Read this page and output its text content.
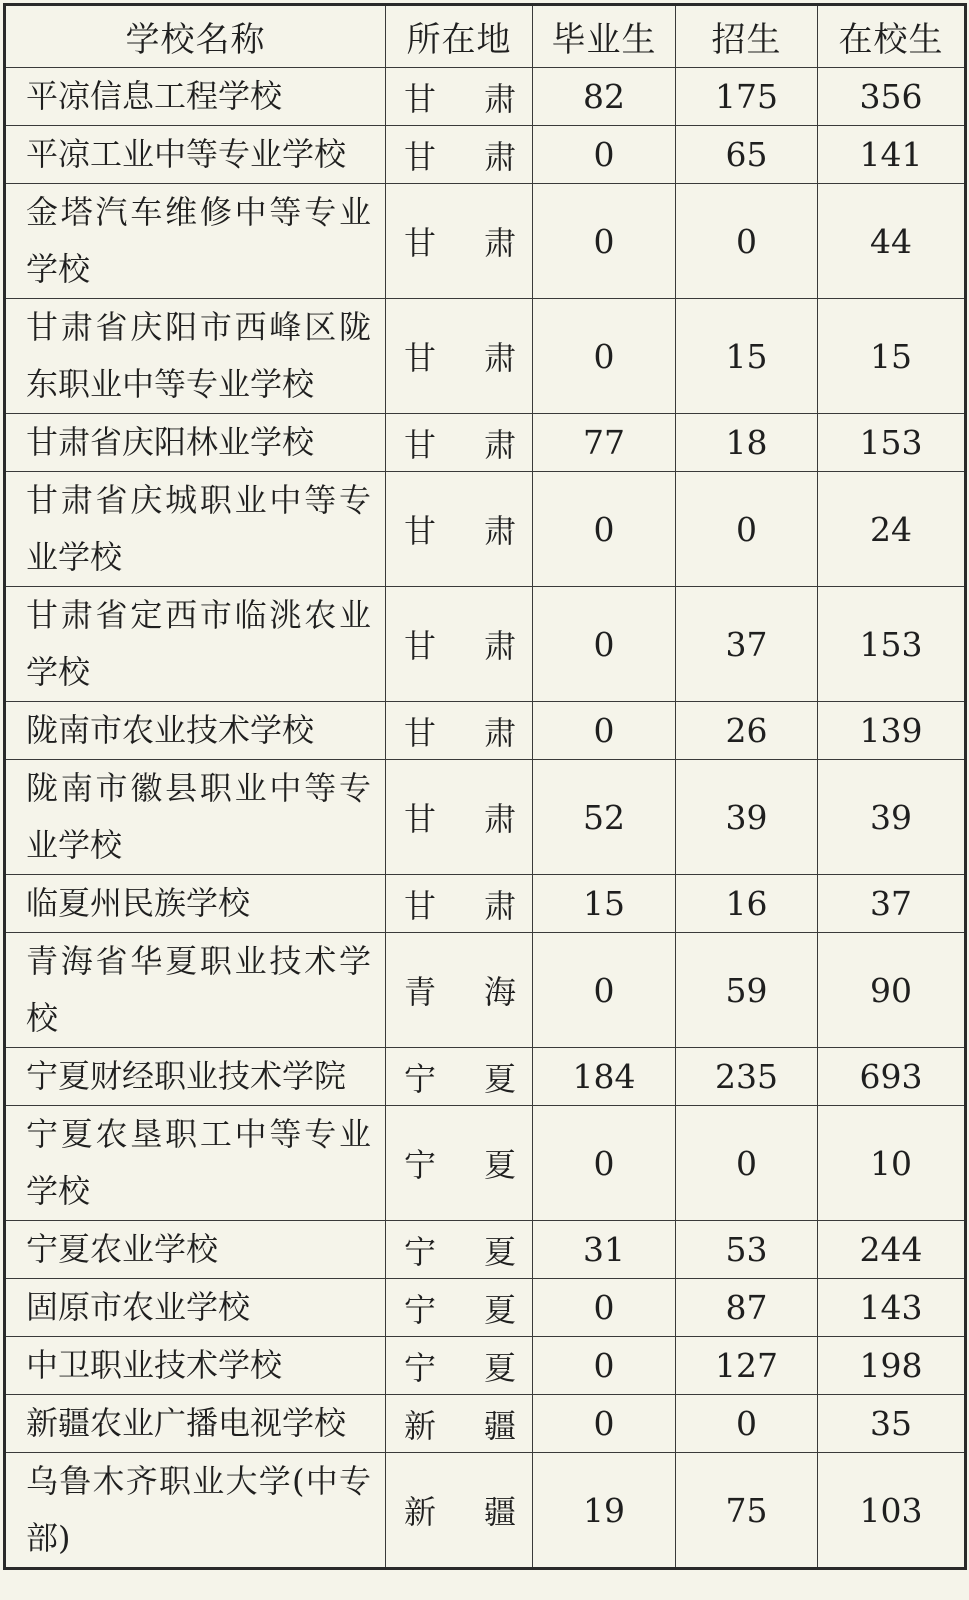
学校名称	所在地	毕业生	招生	在校生
平凉信息工程学校	甘 肃	82	175	356
平凉工业中等专业学校	甘 肃	0	65	141
金塔汽车维修中等专业学校	甘 肃	0	0	44
甘肃省庆阳市西峰区陇东职业中等专业学校	甘 肃	0	15	15
甘肃省庆阳林业学校	甘 肃	77	18	153
甘肃省庆城职业中等专业学校	甘 肃	0	0	24
甘肃省定西市临洮农业学校	甘 肃	0	37	153
陇南市农业技术学校	甘 肃	0	26	139
陇南市徽县职业中等专业学校	甘 肃	52	39	39
临夏州民族学校	甘 肃	15	16	37
青海省华夏职业技术学校	青 海	0	59	90
宁夏财经职业技术学院	宁 夏	184	235	693
宁夏农垦职工中等专业学校	宁 夏	0	0	10
宁夏农业学校	宁 夏	31	53	244
固原市农业学校	宁 夏	0	87	143
中卫职业技术学校	宁 夏	0	127	198
新疆农业广播电视学校	新 疆	0	0	35
乌鲁木齐职业大学(中专部)	新 疆	19	75	103
